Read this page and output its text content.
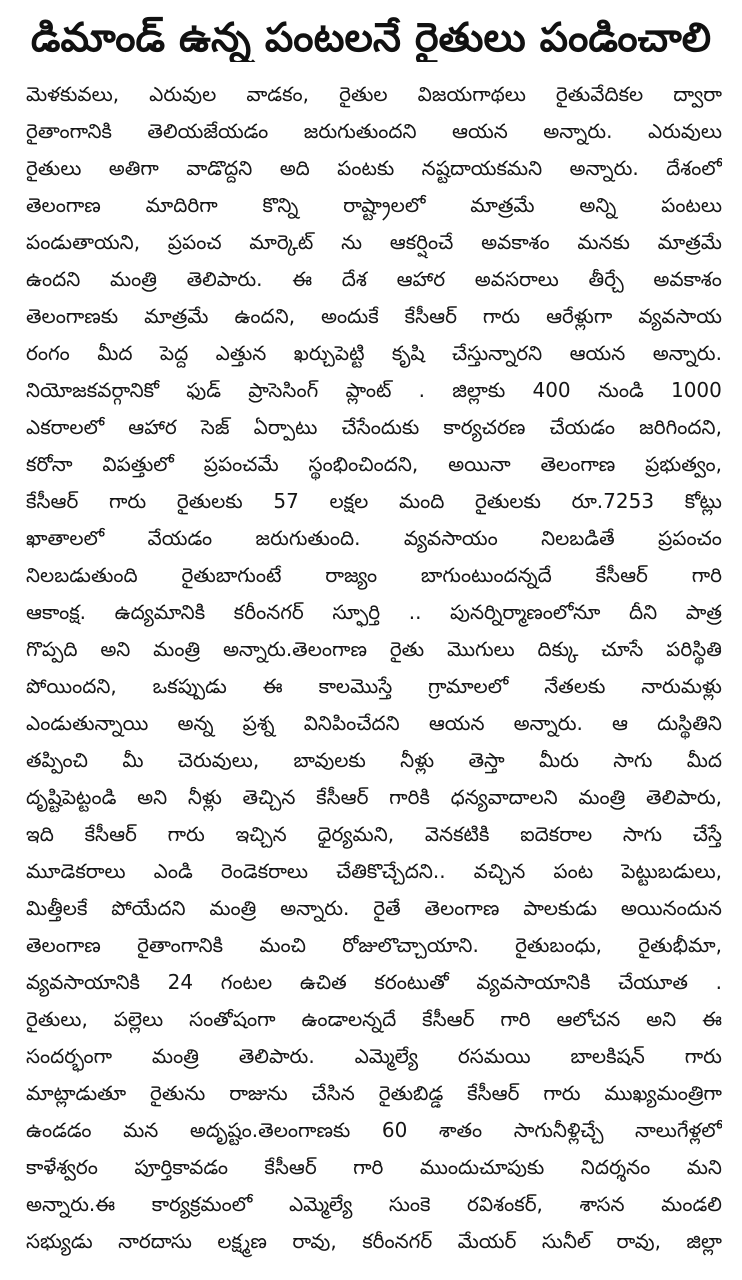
డిమాండ్ ఉన్న పంటలనే రైతులు పండించాలి
మెళకువలు, ఎరువుల వాడకం, రైతుల విజయగాథలు రైతువేదికల ద్వారా
రైతాంగానికి తెలియజేయడం జరుగుతుందని ఆయన అన్నారు. ఎరువులు
రైతులు అతిగా వాడొద్దని అది పంటకు నష్టదాయకమని అన్నారు. దేశంలో
తెలంగాణ మాదిరిగా కొన్ని రాష్ట్రాలలో మాత్రమే అన్ని పంటలు
పండుతాయని, ప్రపంచ మార్కెట్ ను ఆకర్షించే అవకాశం మనకు మాత్రమే
ఉందని మంత్రి తెలిపారు. ఈ దేశ ఆహార అవసరాలు తీర్చే అవకాశం
తెలంగాణకు మాత్రమే ఉందని, అందుకే కేసీఆర్ గారు ఆరేళ్లుగా వ్యవసాయ
రంగం మీద పెద్ద ఎత్తున ఖర్చుపెట్టి కృషి చేస్తున్నారని ఆయన అన్నారు.
నియోజకవర్గానికో ఫుడ్ ప్రాసెసింగ్ ప్లాంట్ . జిల్లాకు 400 నుండి 1000
ఎకరాలలో ఆహార సెజ్ ఏర్పాటు చేసేందుకు కార్యచరణ చేయడం జరిగిందని,
కరోనా విపత్తులో ప్రపంచమే స్థంభించిందని, అయినా తెలంగాణ ప్రభుత్వం,
కేసీఆర్ గారు రైతులకు 57 లక్షల మంది రైతులకు రూ.7253 కోట్లు
ఖాతాలలో వేయడం జరుగుతుంది. వ్యవసాయం నిలబడితే ప్రపంచం
నిలబడుతుంది రైతుబాగుంటే రాజ్యం బాగుంటుందన్నదే కేసీఆర్ గారి
ఆకాంక్ష. ఉద్యమానికి కరీంనగర్ స్ఫూర్తి .. పునర్నిర్మాణంలోనూ దీని పాత్ర
గొప్పది అని మంత్రి అన్నారు.తెలంగాణ రైతు మొగులు దిక్కు చూసే పరిస్థితి
పోయిందని, ఒకప్పుడు ఈ కాలమొస్తే గ్రామాలలో నేతలకు నారుమళ్లు
ఎండుతున్నాయి అన్న ప్రశ్న వినిపించేదని ఆయన అన్నారు. ఆ దుస్థితిని
తప్పించి మీ చెరువులు, బావులకు నీళ్లు తెస్తా మీరు సాగు మీద
దృష్టిపెట్టండి అని నీళ్లు తెచ్చిన కేసీఆర్ గారికి ధన్యవాదాలని మంత్రి తెలిపారు,
ఇది కేసీఆర్ గారు ఇచ్చిన ధైర్యమని, వెనకటికి ఐదెకరాల సాగు చేస్తే
మూడెకరాలు ఎండి రెండెకరాలు చేతికొచ్చేదని.. వచ్చిన పంట పెట్టుబడులు,
మిత్తీలకే పోయేదని మంత్రి అన్నారు. రైతే తెలంగాణ పాలకుడు అయినందున
తెలంగాణ రైతాంగానికి మంచి రోజులొచ్చాయాని. రైతుబంధు, రైతుభీమా,
వ్యవసాయానికి 24 గంటల ఉచిత కరంటుతో వ్యవసాయానికి చేయూత .
రైతులు, పల్లెలు సంతోషంగా ఉండాలన్నదే కేసీఆర్ గారి ఆలోచన అని ఈ
సందర్భంగా మంత్రి తెలిపారు. ఎమ్మెల్యే రసమయి బాలకిషన్ గారు
మాట్లాడుతూ రైతును రాజును చేసిన రైతుబిడ్డ కేసీఆర్ గారు ముఖ్యమంత్రిగా
ఉండడం మన అదృష్టం.తెలంగాణకు 60 శాతం సాగునీళ్లిచ్చే నాలుగేళ్లలో
కాళేశ్వరం పూర్తికావడం కేసీఆర్ గారి ముందుచూపుకు నిదర్శనం మని
అన్నారు.ఈ కార్యక్రమంలో ఎమ్మెల్యే సుంకె రవిశంకర్, శాసన మండలి
సభ్యుడు నారదాసు లక్ష్మణ రావు, కరీంనగర్ మేయర్ సునీల్ రావు, జిల్లా
